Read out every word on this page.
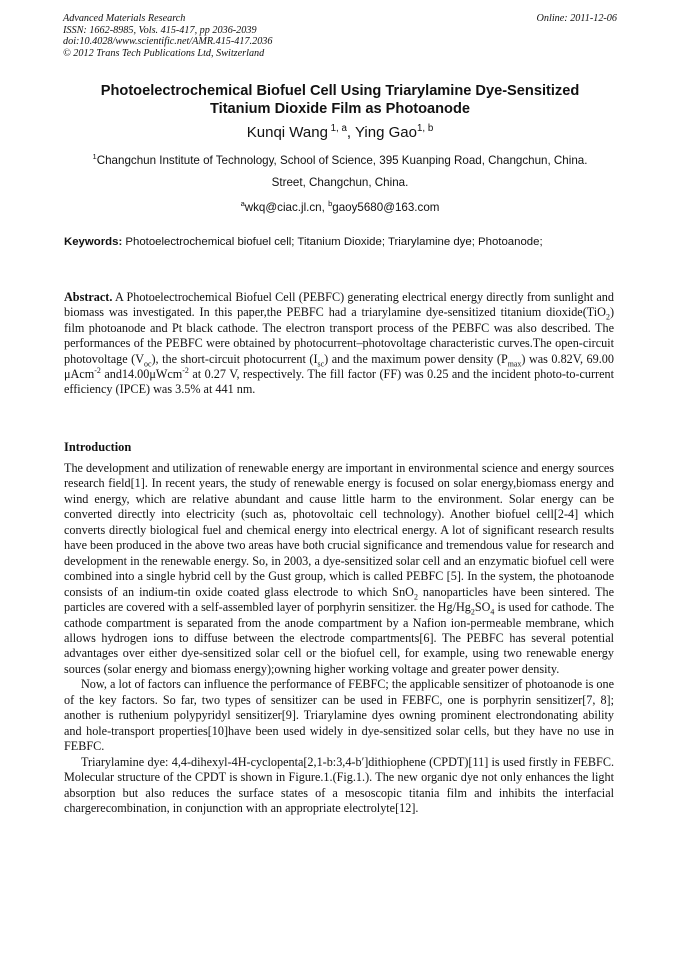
Advanced Materials Research
ISSN: 1662-8985, Vols. 415-417, pp 2036-2039
doi:10.4028/www.scientific.net/AMR.415-417.2036
© 2012 Trans Tech Publications Ltd, Switzerland
Online: 2011-12-06
Photoelectrochemical Biofuel Cell Using Triarylamine Dye-Sensitized
Titanium Dioxide Film as Photoanode
Kunqi Wang $^{1, a}$, Ying Gao$^{1, b}$
$^1$Changchun Institute of Technology, School of Science, 395 Kuanping Road, Changchun, China.
Street, Changchun, China.
$^a$wkq@ciac.jl.cn, $^b$gaoy5680@163.com
Keywords: Photoelectrochemical biofuel cell; Titanium Dioxide; Triarylamine dye; Photoanode;
Abstract. A Photoelectrochemical Biofuel Cell (PEBFC) generating electrical energy directly from sunlight and biomass was investigated. In this paper,the PEBFC had a triarylamine dye-sensitized titanium dioxide(TiO$_2$) film photoanode and Pt black cathode. The electron transport process of the PEBFC was also described. The performances of the PEBFC were obtained by photocurrent–photovoltage characteristic curves.The open-circuit photovoltage $(V_{oc})$, the short-circuit photocurrent $(I_{sc})$ and the maximum power density $(P_{max})$ was 0.82V, 69.00 μAcm$^{-2}$ and14.00μWcm$^{-2}$ at 0.27 V, respectively. The fill factor (FF) was 0.25 and the incident photo-to-current efficiency (IPCE) was 3.5% at 441 nm.
Introduction

The development and utilization of renewable energy are important in environmental science and energy sources research field[1]. In recent years, the study of renewable energy is focused on solar energy,biomass energy and wind energy, which are relative abundant and cause little harm to the environment. Solar energy can be converted directly into electricity (such as, photovoltaic cell technology). Another biofuel cell[2-4] which converts directly biological fuel and chemical energy into electrical energy. A lot of significant research results have been produced in the above two areas have both crucial significance and tremendous value for research and development in the renewable energy. So, in 2003, a dye-sensitized solar cell and an enzymatic biofuel cell were combined into a single hybrid cell by the Gust group, which is called PEBFC [5]. In the system, the photoanode consists of an indium-tin oxide coated glass electrode to which SnO$_2$ nanoparticles have been sintered. The particles are covered with a self-assembled layer of porphyrin sensitizer. the $Hg/Hg_2SO_4$ is used for cathode. The cathode compartment is separated from the anode compartment by a Nafion ion-permeable membrane, which allows hydrogen ions to diffuse between the electrode compartments[6]. The PEBFC has several potential advantages over either dye-sensitized solar cell or the biofuel cell, for example, using two renewable energy sources (solar energy and biomass energy);owning higher working voltage and greater power density.

Now, a lot of factors can influence the performance of FEBFC; the applicable sensitizer of photoanode is one of the key factors. So far, two types of sensitizer can be used in FEBFC, one is porphyrin sensitizer[7, 8]; another is ruthenium polypyridyl sensitizer[9]. Triarylamine dyes owning prominent electrondonating ability and hole-transport properties[10]have been used widely in dye-sensitized solar cells, but they have no use in FEBFC.

Triarylamine dye: 4,4-dihexyl-4H-cyclopenta[2,1-b:3,4-b′]dithiophene (CPDT)[11] is used firstly in FEBFC. Molecular structure of the CPDT is shown in Figure.1.(Fig.1.). The new organic dye not only enhances the light absorption but also reduces the surface states of a mesoscopic titania film and inhibits the interfacial chargerecombination, in conjunction with an appropriate electrolyte[12].
